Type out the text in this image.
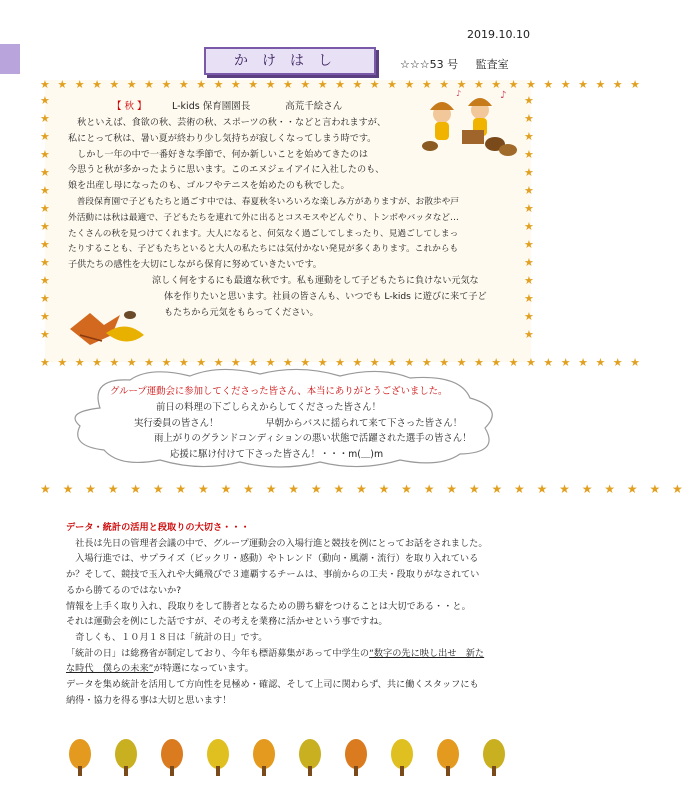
2019.10.10
かけはし	☆☆☆53 号 監査室
★ ★ ★ ★ ★ ★ ★ ★ ★ ★ ★ ★ ★ ★ ★ ★ ★ ★ ★ ★ ★ ★ ★ ★ ★ ★ ★ ★ ★ ★ ★ ★ ★ ★ ★
★ ★ ★ ★ ★ ★ ★ ★ ★ ★ ★ ★ ★ ★ ★ ★ ★ ★ ★ ★ ★ ★ ★ ★ ★ ★ ★ ★ ★ ★ ★ ★ ★ ★ ★
★
★
★
★
★
★
★
★
★
★
★
★
★
★
★
★
★
★
★
★
★
★
★
★
★
★
★
★
♪
♪
【 秋 】	L-kids 保育園園長	高荒千絵さん

　秋といえば、食欲の秋、芸術の秋、スポーツの秋・・などと言われますが、

私にとって秋は、暑い夏が終わり少し気持ちが寂しくなってしまう時です。

　しかし一年の中で一番好きな季節で、何か新しいことを始めてきたのは

今思うと秋が多かったように思います。このエヌジェイアイに入社したのも、

娘を出産し母になったのも、ゴルフやテニスを始めたのも秋でした。

　普段保育園で子どもたちと過ごす中では、春夏秋冬いろいろな楽しみ方がありますが、お散歩や戸

外活動には秋は最適で、子どもたちを連れて外に出るとコスモスやどんぐり、トンボやバッタなど…

たくさんの秋を見つけてくれます。大人になると、何気なく過ごしてしまったり、見過ごしてしまっ

たりすることも、子どもたちといると大人の私たちには気付かない発見が多くあります。これからも

子供たちの感性を大切にしながら保育に努めていきたいです。

涼しく何をするにも最適な秋です。私も運動をして子どもたちに負けない元気な

体を作りたいと思います。社員の皆さんも、いつでも L-kids に遊びに来て子ど

もたちから元気をもらってください。

グループ運動会に参加してくださった皆さん、本当にありがとうございました。
前日の料理の下ごしらえからしてくださった皆さん！
実行委員の皆さん！　　　　　早朝からバスに揺られて来て下さった皆さん！
雨上がりのグランドコンディションの悪い状態で活躍された選手の皆さん！
応援に駆け付けて下さった皆さん！・・・m(＿)m
★ ★ ★ ★ ★ ★ ★ ★ ★ ★ ★ ★ ★ ★ ★ ★ ★ ★ ★ ★ ★ ★ ★ ★ ★ ★ ★ ★ ★

データ・統計の活用と段取りの大切さ・・・

　社長は先日の管理者会議の中で、グループ運動会の入場行進と競技を例にとってお話をされました。

　入場行進では、サプライズ（ビックリ・感動）やトレンド（動向・風潮・流行）を取り入れている

か？そして、競技で玉入れや大縄飛びで３連覇するチームは、事前からの工夫・段取りがなされてい

るから勝てるのではないか?

情報を上手く取り入れ、段取りをして勝者となるための勝ち癖をつけることは大切である・・と。

それは運動会を例にした話ですが、その考えを業務に活かせという事ですね。

　奇しくも、１０月１８日は「統計の日」です。

「統計の日」は総務省が制定しており、今年も標語募集があって中学生の“数字の先に映し出せ　新た

な時代　僕らの未来”が特選になっています。

データを集め統計を活用して方向性を見極め・確認、そして上司に関わらず、共に働くスタッフにも

納得・協力を得る事は大切と思います！
